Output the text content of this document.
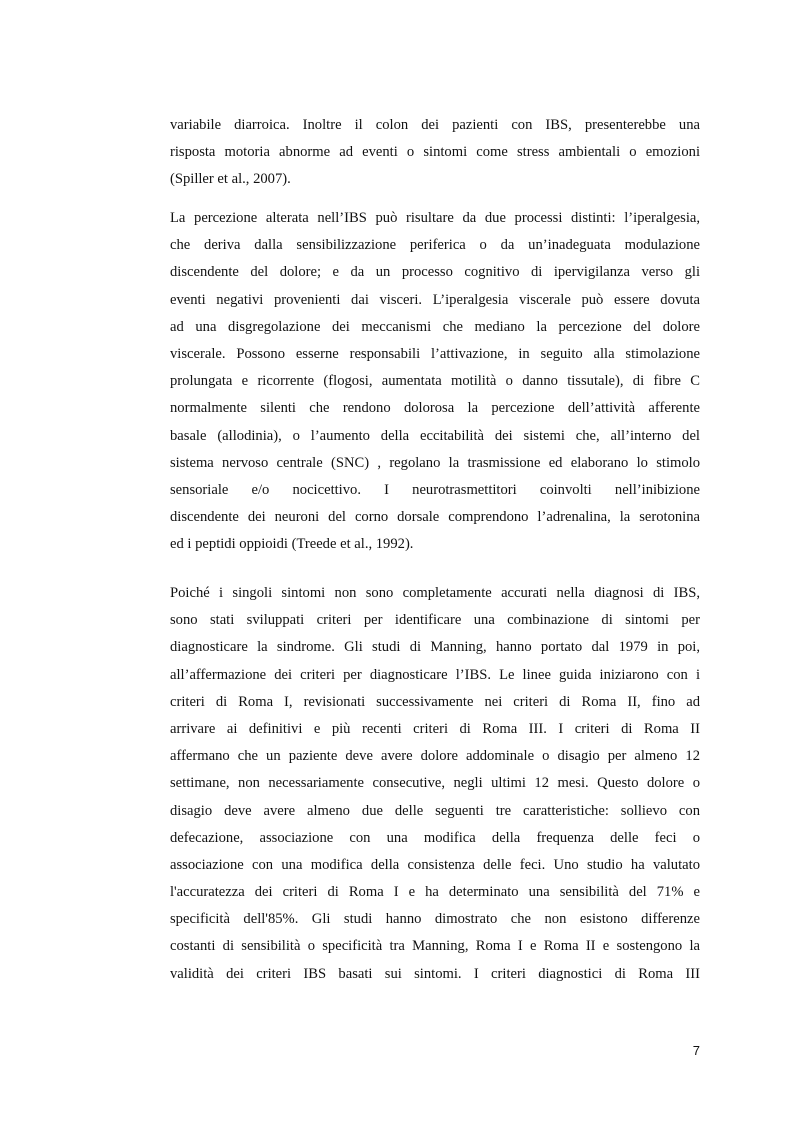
variabile diarroica. Inoltre il colon dei pazienti con IBS, presenterebbe una
risposta motoria abnorme ad eventi o sintomi come stress ambientali o emozioni
(Spiller et al., 2007).
La percezione alterata nell’IBS può risultare da due processi distinti: l’iperalgesia,
che deriva dalla sensibilizzazione periferica o da un’inadeguata modulazione
discendente del dolore; e da un processo cognitivo di ipervigilanza verso gli
eventi negativi provenienti dai visceri. L’iperalgesia viscerale può essere dovuta
ad una disgregolazione dei meccanismi che mediano la percezione del dolore
viscerale. Possono esserne responsabili l’attivazione, in seguito alla stimolazione
prolungata e ricorrente (flogosi, aumentata motilità o danno tissutale), di fibre C
normalmente silenti che rendono dolorosa la percezione dell’attività afferente
basale (allodinia), o l’aumento della eccitabilità dei sistemi che, all’interno del
sistema nervoso centrale (SNC) , regolano la trasmissione ed elaborano lo stimolo
sensoriale e/o nocicettivo. I neurotrasmettitori coinvolti nell’inibizione
discendente dei neuroni del corno dorsale comprendono l’adrenalina, la serotonina
ed i peptidi oppioidi (Treede et al., 1992).
Poiché i singoli sintomi non sono completamente accurati nella diagnosi di IBS,
sono stati sviluppati criteri per identificare una combinazione di sintomi per
diagnosticare la sindrome. Gli studi di Manning, hanno portato dal 1979 in poi,
all’affermazione dei criteri per diagnosticare l’IBS. Le linee guida iniziarono con i
criteri di Roma I, revisionati successivamente nei criteri di Roma II, fino ad
arrivare ai definitivi e più recenti criteri di Roma III. I criteri di Roma II
affermano che un paziente deve avere dolore addominale o disagio per almeno 12
settimane, non necessariamente consecutive, negli ultimi 12 mesi. Questo dolore o
disagio deve avere almeno due delle seguenti tre caratteristiche: sollievo con
defecazione, associazione con una modifica della frequenza delle feci o
associazione con una modifica della consistenza delle feci. Uno studio ha valutato
l'accuratezza dei criteri di Roma I e ha determinato una sensibilità del 71% e
specificità dell'85%. Gli studi hanno dimostrato che non esistono differenze
costanti di sensibilità o specificità tra Manning, Roma I e Roma II e sostengono la
validità dei criteri IBS basati sui sintomi. I criteri diagnostici di Roma III
7
